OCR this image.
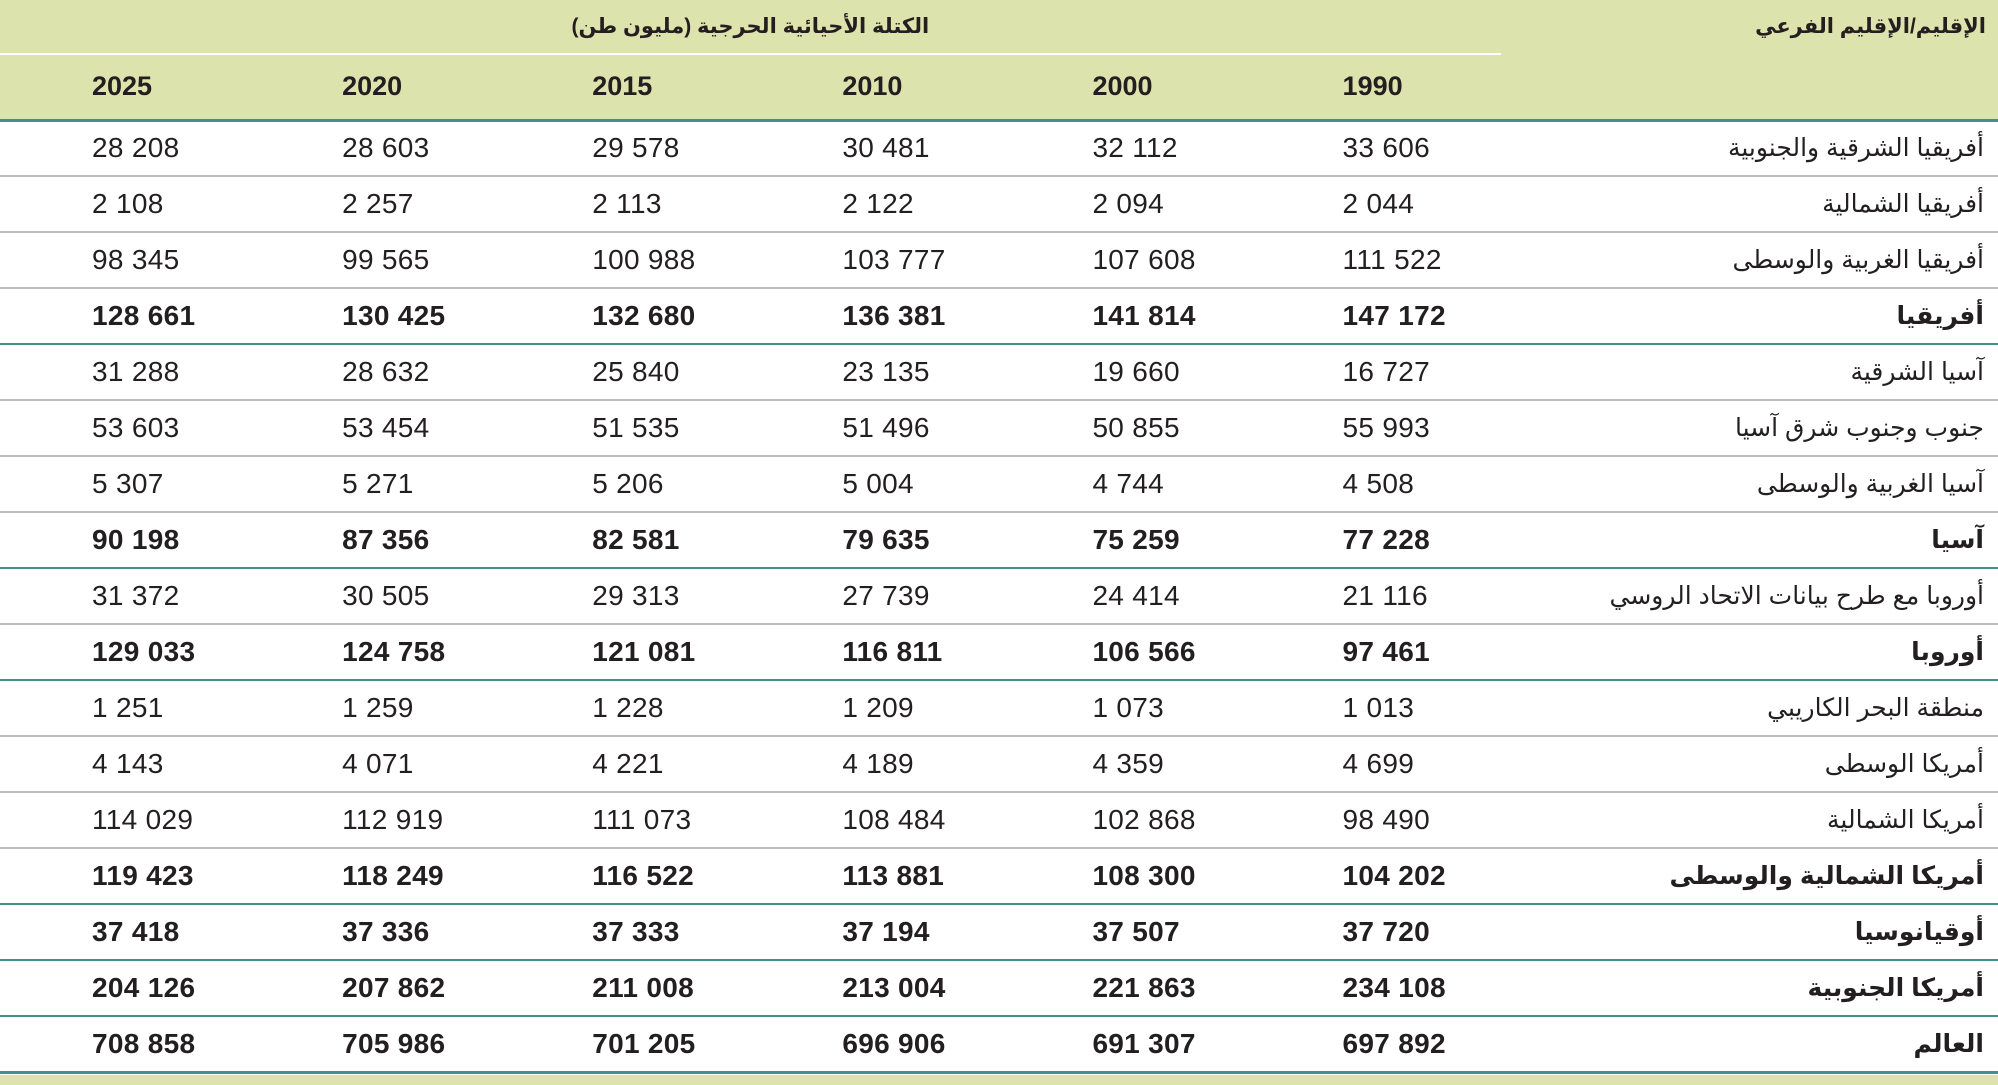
الكتلة الأحيائية الحرجية (مليون طن)						الإقليم/الإقليم الفرعي
2025	2020	2015	2010	2000	1990	
28 208	28 603	29 578	30 481	32 112	33 606	أفريقيا الشرقية والجنوبية
2 108	2 257	2 113	2 122	2 094	2 044	أفريقيا الشمالية
98 345	99 565	100 988	103 777	107 608	111 522	أفريقيا الغربية والوسطى
128 661	130 425	132 680	136 381	141 814	147 172	أفريقيا
31 288	28 632	25 840	23 135	19 660	16 727	آسيا الشرقية
53 603	53 454	51 535	51 496	50 855	55 993	جنوب وجنوب شرق آسيا
5 307	5 271	5 206	5 004	4 744	4 508	آسيا الغربية والوسطى
90 198	87 356	82 581	79 635	75 259	77 228	آسيا
31 372	30 505	29 313	27 739	24 414	21 116	أوروبا مع طرح بيانات الاتحاد الروسي
129 033	124 758	121 081	116 811	106 566	97 461	أوروبا
1 251	1 259	1 228	1 209	1 073	1 013	منطقة البحر الكاريبي
4 143	4 071	4 221	4 189	4 359	4 699	أمريكا الوسطى
114 029	112 919	111 073	108 484	102 868	98 490	أمريكا الشمالية
119 423	118 249	116 522	113 881	108 300	104 202	أمريكا الشمالية والوسطى
37 418	37 336	37 333	37 194	37 507	37 720	أوقيانوسيا
204 126	207 862	211 008	213 004	221 863	234 108	أمريكا الجنوبية
708 858	705 986	701 205	696 906	691 307	697 892	العالم
